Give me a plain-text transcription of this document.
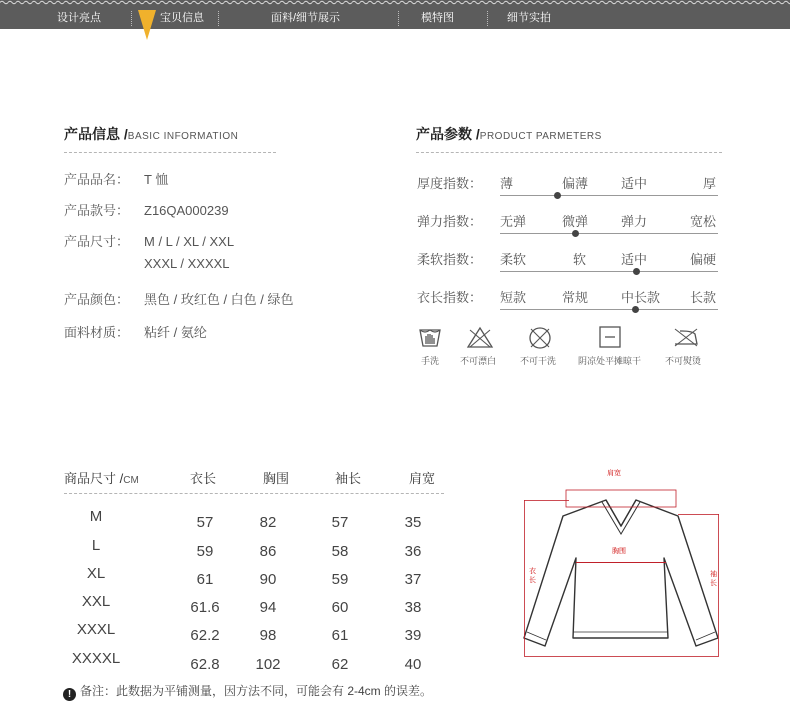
设计亮点	宝贝信息	面料/细节展示	模特图	细节实拍
产品信息 /BASIC INFORMATION
产品品名： T 恤
产品款号： Z16QA000239
产品尺寸： M / L / XL / XXL
XXXL / XXXXL
产品颜色： 黑色 / 玫红色 / 白色 / 绿色
面料材质： 粘纤 / 氨纶
产品参数 /PRODUCT PARMETERS
厚度指数： 薄	偏薄	适中	厚
弹力指数： 无弹	微弹	弹力	宽松
柔软指数： 柔软	软	适中	偏硬
衣长指数： 短款	常规	中长款 长款
手洗 不可漂白	不可干洗 阴凉处平摊晾干	不可熨烫
商品尺寸 /CM	衣长	胸围	袖长	肩宽
M	57	82	57	35
L	59	86	58	36
XL	61	90	59	37
XXL	61.6	94	60	38
XXXL	62.2	98	61	39
XXXXL	62.8	102	62	40
肩宽
胸围
衣
长
袖
长
! 备注：此数据为平铺测量，因方法不同，可能会有 2-4cm 的误差。
